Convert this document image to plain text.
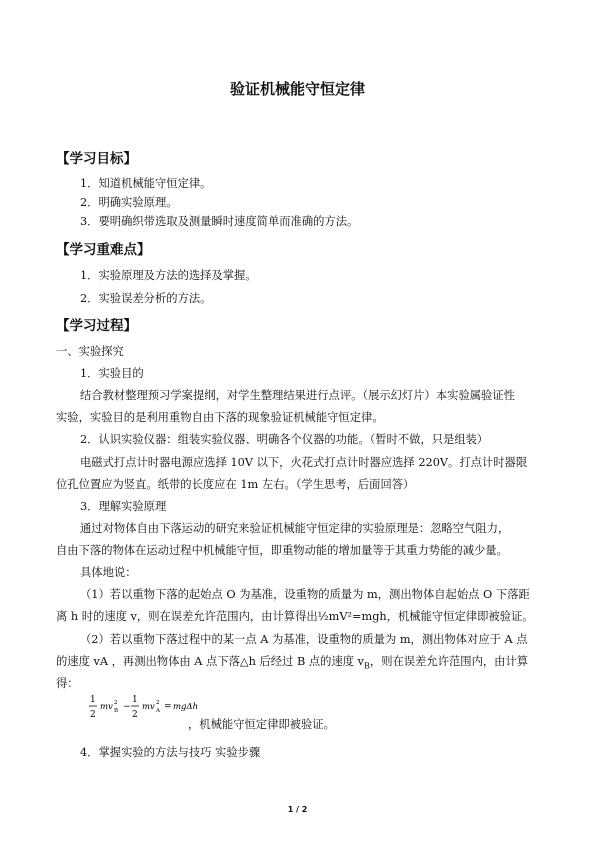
验证机械能守恒定律
【学习目标】
1．知道机械能守恒定律。
2．明确实验原理。
3．要明确织带选取及测量瞬时速度简单而准确的方法。
【学习重难点】
1．实验原理及方法的选择及掌握。
2．实验误差分析的方法。
【学习过程】
一、实验探究
1．实验目的
结合教材整理预习学案提纲，对学生整理结果进行点评。（展示幻灯片）本实验属验证性
实验，实验目的是利用重物自由下落的现象验证机械能守恒定律。
2．认识实验仪器：组装实验仪器、明确各个仪器的功能。（暂时不做，只是组装）
电磁式打点计时器电源应选择 10V 以下，火花式打点计时器应选择 220V。打点计时器限
位孔位置应为竖直。纸带的长度应在 1m 左右。（学生思考，后面回答）
3．理解实验原理
通过对物体自由下落运动的研究来验证机械能守恒定律的实验原理是：忽略空气阻力，
自由下落的物体在运动过程中机械能守恒，即重物动能的增加量等于其重力势能的减少量。
具体地说：
（1）若以重物下落的起始点 O 为基准，设重物的质量为 m，测出物体自起始点 O 下落距
离 h 时的速度 v，则在误差允许范围内，由计算得出½mV²=mgh，机械能守恒定律即被验证。
（2）若以重物下落过程中的某一点 A 为基准，设重物的质量为 m，测出物体对应于 A 点
的速度 vA ，再测出物体由 A 点下落△h 后经过 B 点的速度 $v_B$，则在误差允许范围内，由计算
得：
1
2
mv 2
B −
1
2
mv 2
A = mgΔh
，机械能守恒定律即被验证。
4．掌握实验的方法与技巧 实验步骤
1 / 2
